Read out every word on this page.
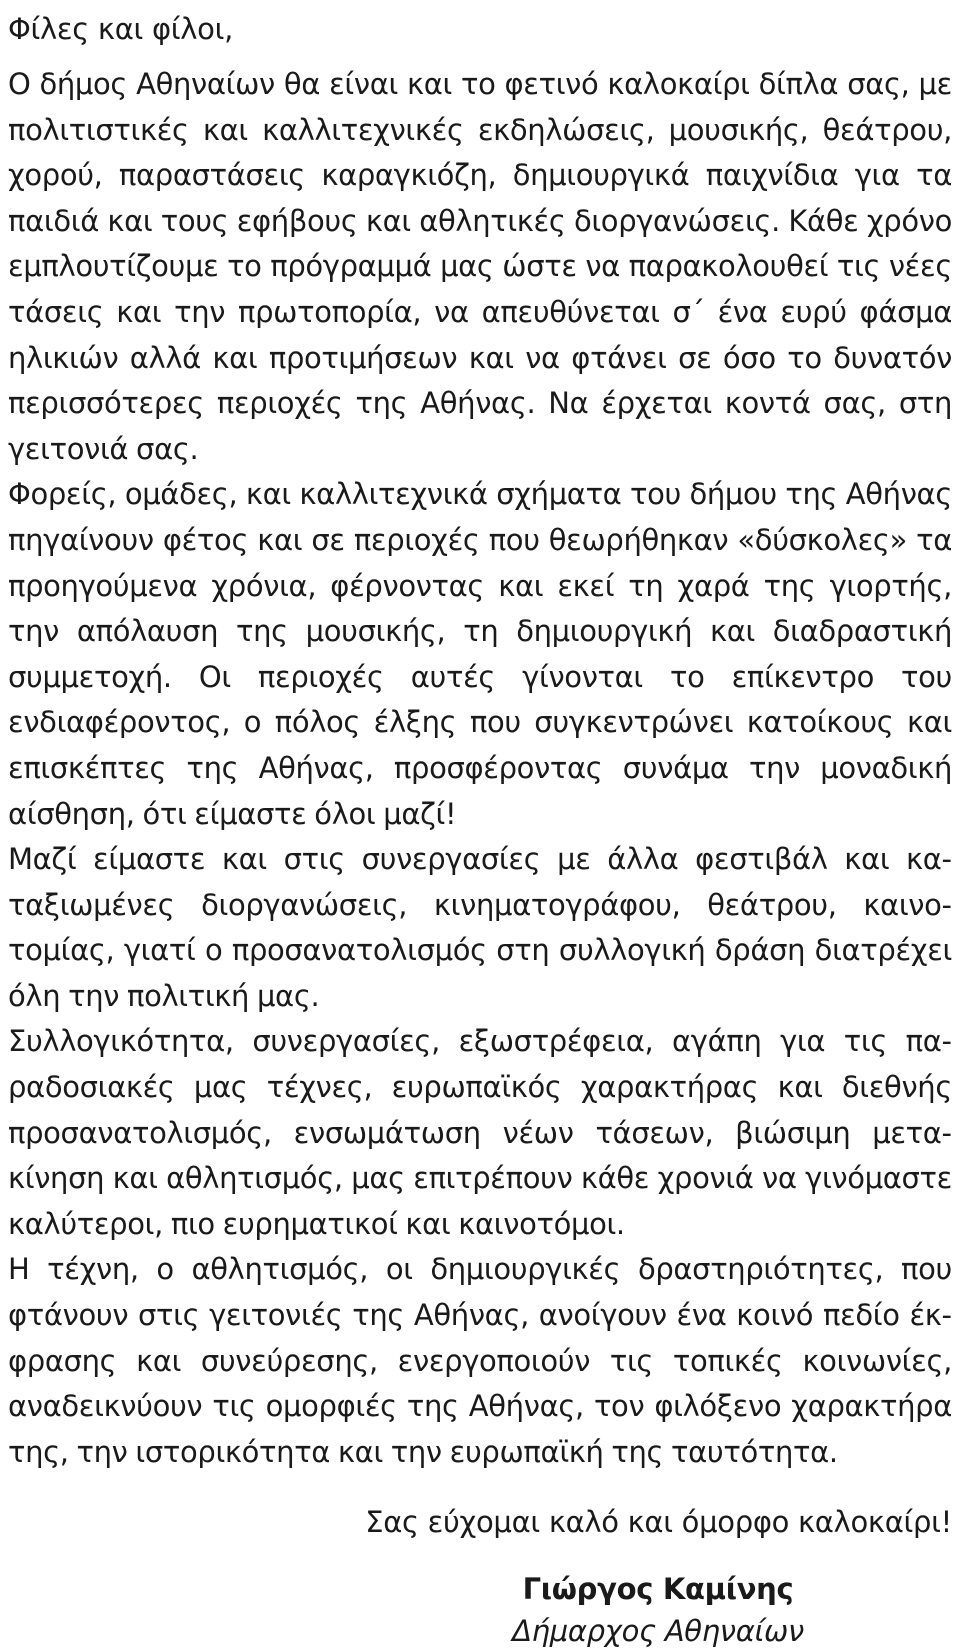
Φίλες και φίλοι,

Ο δήμος Αθηναίων θα είναι και το φετινό καλοκαίρι δίπλα σας, με πολιτιστικές και καλλιτεχνικές εκδηλώσεις, μουσικής, θεάτρου, χορού, παραστάσεις καραγκιόζη, δημιουργικά παιχνίδια για τα παιδιά και τους εφήβους και αθλητικές διοργανώσεις. Κάθε χρόνο εμπλουτίζουμε το πρόγραμμά μας ώστε να παρακολουθεί τις νέες τάσεις και την πρωτοπορία, να απευθύνεται σ΄ ένα ευρύ φάσμα ηλικιών αλλά και προτιμήσεων και να φτάνει σε όσο το δυνατόν περισσότερες περιοχές της Αθήνας. Να έρχεται κοντά σας, στη γειτονιά σας.

Φορείς, ομάδες, και καλλιτεχνικά σχήματα του δήμου της Αθήνας πηγαίνουν φέτος και σε περιοχές που θεωρήθηκαν «δύσκολες» τα προηγούμενα χρόνια, φέρνοντας και εκεί τη χαρά της γιορτής, την απόλαυση της μουσικής, τη δημιουργική και διαδραστική συμμετοχή. Οι περιοχές αυτές γίνονται το επίκεντρο του ενδιαφέροντος, ο πόλος έλξης που συγκεντρώνει κατοίκους και επισκέπτες της Αθήνας, προσφέροντας συνάμα την μοναδική αίσθηση, ότι είμαστε όλοι μαζί!

Μαζί είμαστε και στις συνεργασίες με άλλα φεστιβάλ και καταξιωμένες διοργανώσεις, κινηματογράφου, θεάτρου, καινοτομίας, γιατί ο προσανατολισμός στη συλλογική δράση διατρέχει όλη την πολιτική μας.

Συλλογικότητα, συνεργασίες, εξωστρέφεια, αγάπη για τις παραδοσιακές μας τέχνες, ευρωπαϊκός χαρακτήρας και διεθνής προσανατολισμός, ενσωμάτωση νέων τάσεων, βιώσιμη μετακίνηση και αθλητισμός, μας επιτρέπουν κάθε χρονιά να γινόμαστε καλύτεροι, πιο ευρηματικοί και καινοτόμοι.

Η τέχνη, ο αθλητισμός, οι δημιουργικές δραστηριότητες, που φτάνουν στις γειτονιές της Αθήνας, ανοίγουν ένα κοινό πεδίο έκφρασης και συνεύρεσης, ενεργοποιούν τις τοπικές κοινωνίες, αναδεικνύουν τις ομορφιές της Αθήνας, τον φιλόξενο χαρακτήρα της, την ιστορικότητα και την ευρωπαϊκή της ταυτότητα.

Σας εύχομαι καλό και όμορφο καλοκαίρι!

Γιώργος Καμίνης
Δήμαρχος Αθηναίων
